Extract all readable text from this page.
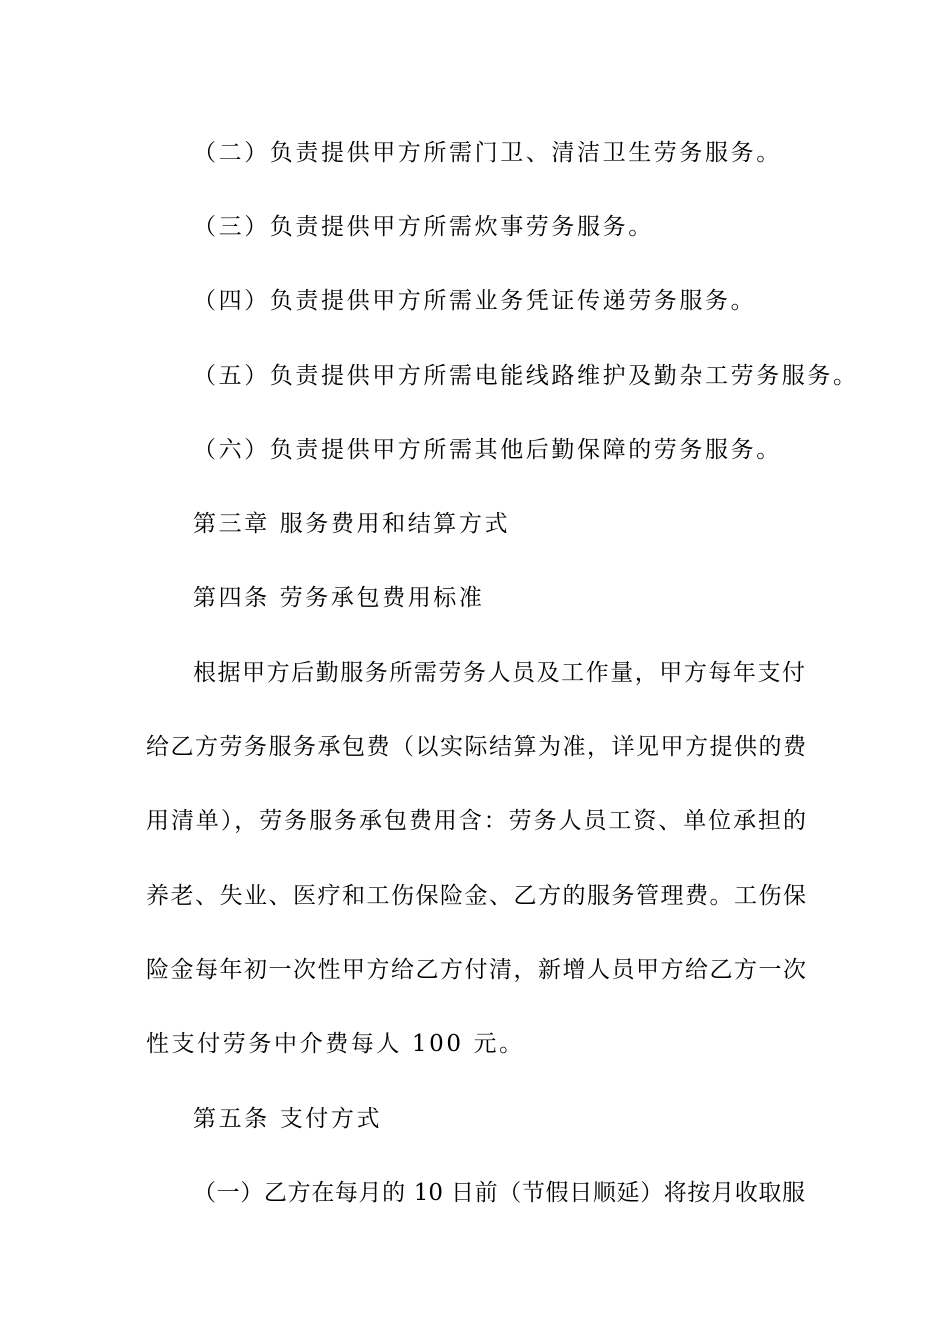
（二）负责提供甲方所需门卫、清洁卫生劳务服务。
（三）负责提供甲方所需炊事劳务服务。
（四）负责提供甲方所需业务凭证传递劳务服务。
（五）负责提供甲方所需电能线路维护及勤杂工劳务服务。
（六）负责提供甲方所需其他后勤保障的劳务服务。
第三章 服务费用和结算方式
第四条 劳务承包费用标准
根据甲方后勤服务所需劳务人员及工作量，甲方每年支付
给乙方劳务服务承包费（以实际结算为准，详见甲方提供的费
用清单），劳务服务承包费用含：劳务人员工资、单位承担的
养老、失业、医疗和工伤保险金、乙方的服务管理费。工伤保
险金每年初一次性甲方给乙方付清，新增人员甲方给乙方一次
性支付劳务中介费每人 100 元。
第五条 支付方式
（一）乙方在每月的 10 日前（节假日顺延）将按月收取服
